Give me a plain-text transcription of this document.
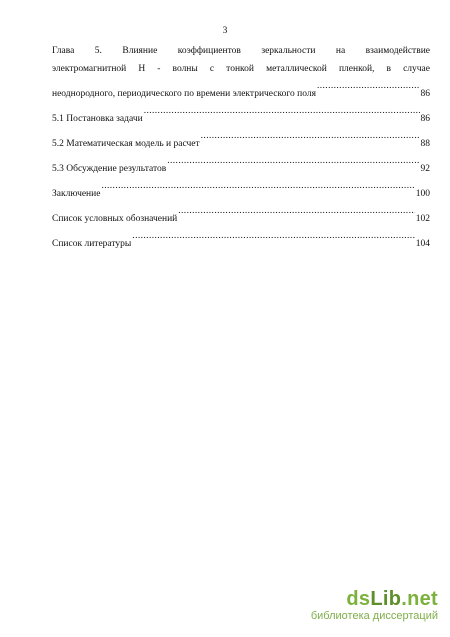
3
Глава 5. Влияние коэффициентов зеркальности на взаимодействие
электромагнитной Н - волны с тонкой металлической пленкой, в случае
неоднородного, периодического по времени электрического поля .....	86
5.1 Постановка задачи .....	86
5.2 Математическая модель и расчет .....	88
5.3 Обсуждение результатов .....	92
Заключение .....	100
Список условных обозначений .....	102
Список литературы .....	104
dsLib.net
библиотека диссертаций
